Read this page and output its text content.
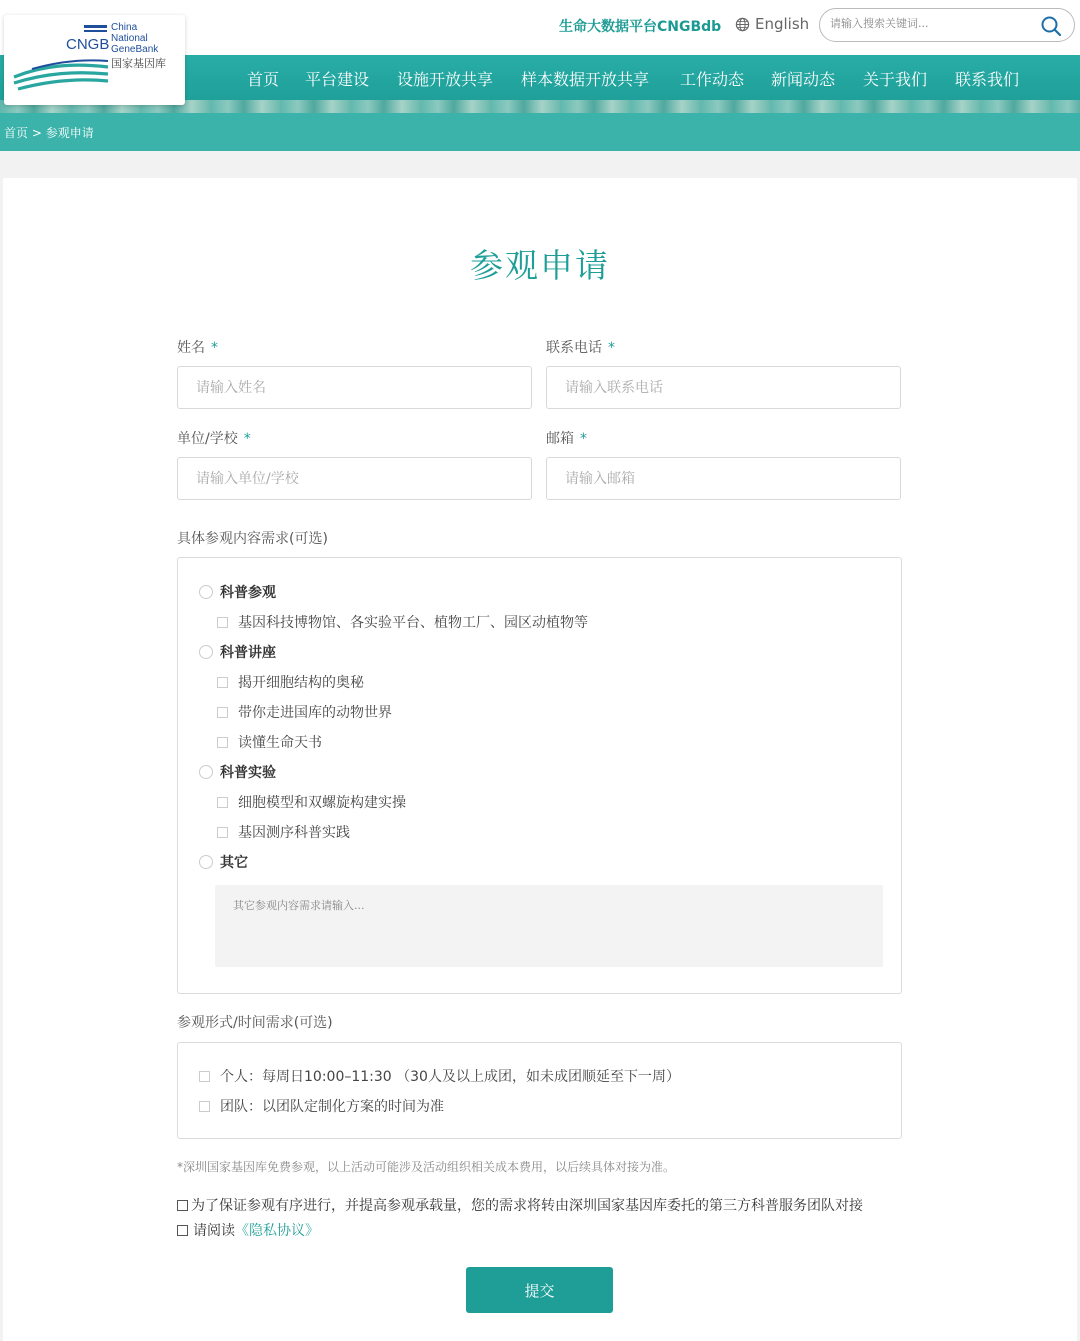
生命大数据平台CNGBdb English
请输入搜索关键词...
首页 平台建设 设施开放共享 样本数据开放共享 工作动态 新闻动态 关于我们 联系我们
首页 > 参观申请
CNGB
China
National
GeneBank
国家基因库
参观申请
姓名 *
请输入姓名	联系电话 *
请输入联系电话
单位/学校 *
请输入单位/学校	邮箱 *
请输入邮箱
具体参观内容需求(可选)
科普参观
基因科技博物馆、各实验平台、植物工厂、园区动植物等
科普讲座
揭开细胞结构的奥秘
带你走进国库的动物世界
读懂生命天书
科普实验
细胞模型和双螺旋构建实操
基因测序科普实践
其它
其它参观内容需求请输入...
参观形式/时间需求(可选)
个人：每周日10:00–11:30 （30人及以上成团，如未成团顺延至下一周）
团队：以团队定制化方案的时间为准
*深圳国家基因库免费参观，以上活动可能涉及活动组织相关成本费用，以后续具体对接为准。
为了保证参观有序进行，并提高参观承载量，您的需求将转由深圳国家基因库委托的第三方科普服务团队对接
请阅读 《隐私协议》
提交
